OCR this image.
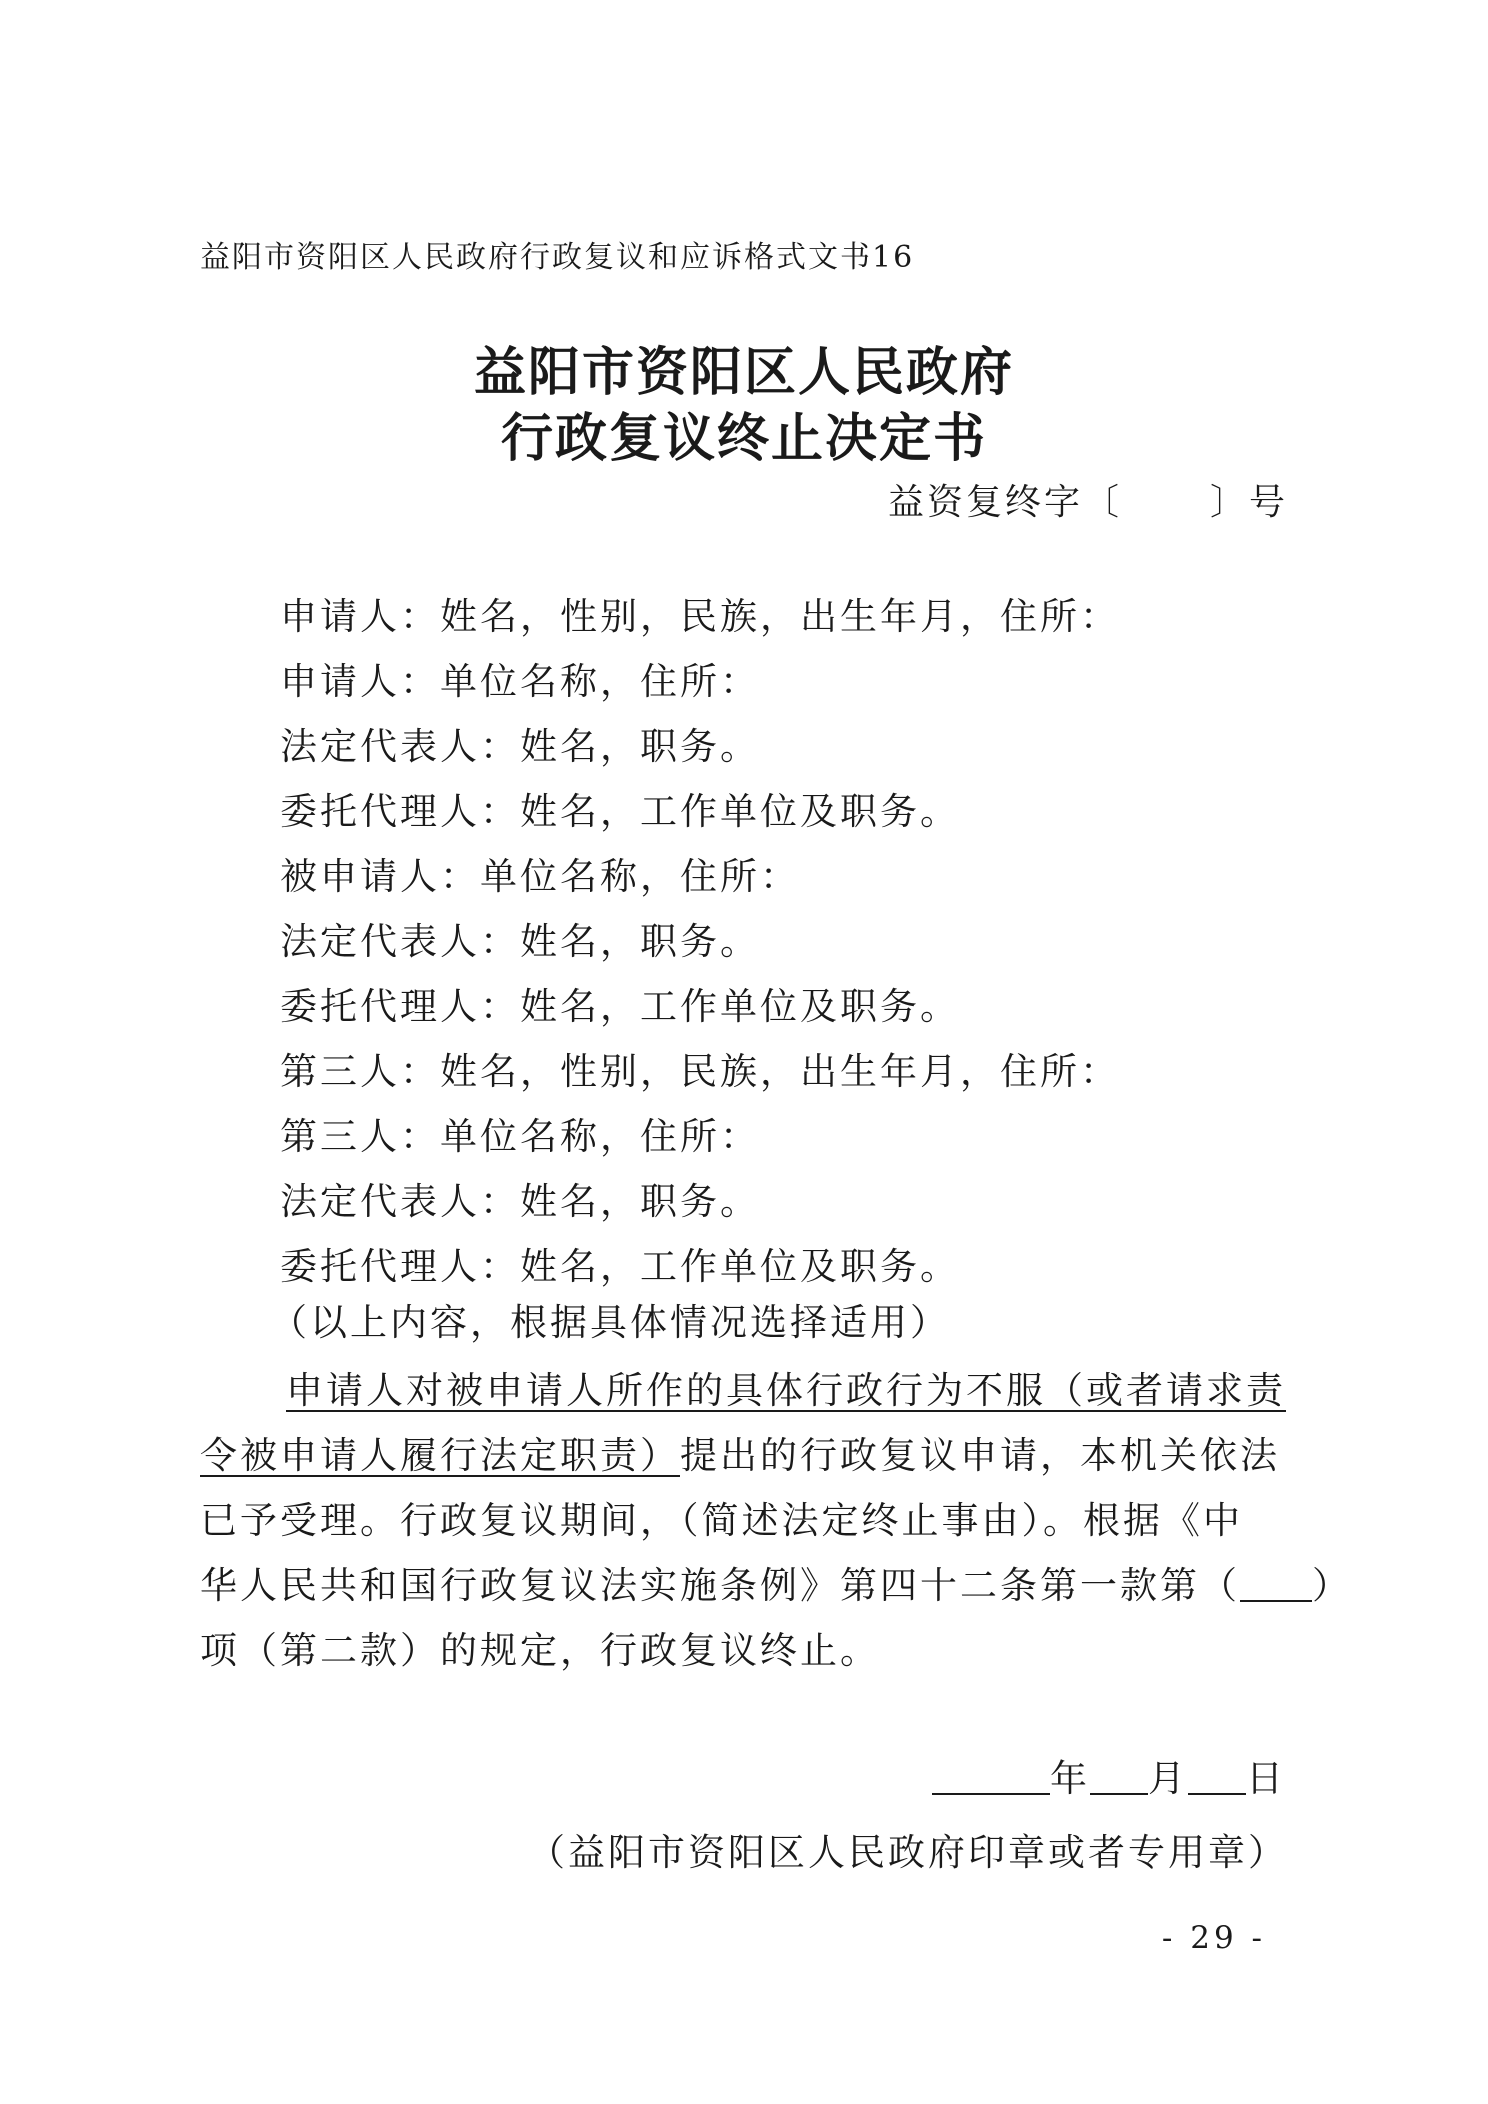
益阳市资阳区人民政府行政复议和应诉格式文书16
益阳市资阳区人民政府
行政复议终止决定书
益资复终字〔 〕号
申请人：姓名，性别，民族，出生年月，住所：
申请人：单位名称，住所：
法定代表人：姓名，职务。
委托代理人：姓名，工作单位及职务。
被申请人：单位名称，住所：
法定代表人：姓名，职务。
委托代理人：姓名，工作单位及职务。
第三人：姓名，性别，民族，出生年月，住所：
第三人：单位名称，住所：
法定代表人：姓名，职务。
委托代理人：姓名，工作单位及职务。
（以上内容，根据具体情况选择适用）
申请人对被申请人所作的具体行政行为不服（或者请求责
令被申请人履行法定职责）提出的行政复议申请，本机关依法
已予受理。行政复议期间，（简述法定终止事由）。根据《中
华人民共和国行政复议法实施条例》第四十二条第一款第（ ）
项（第二款）的规定，行政复议终止。
年 月 日
（益阳市资阳区人民政府印章或者专用章）
- 29 -
